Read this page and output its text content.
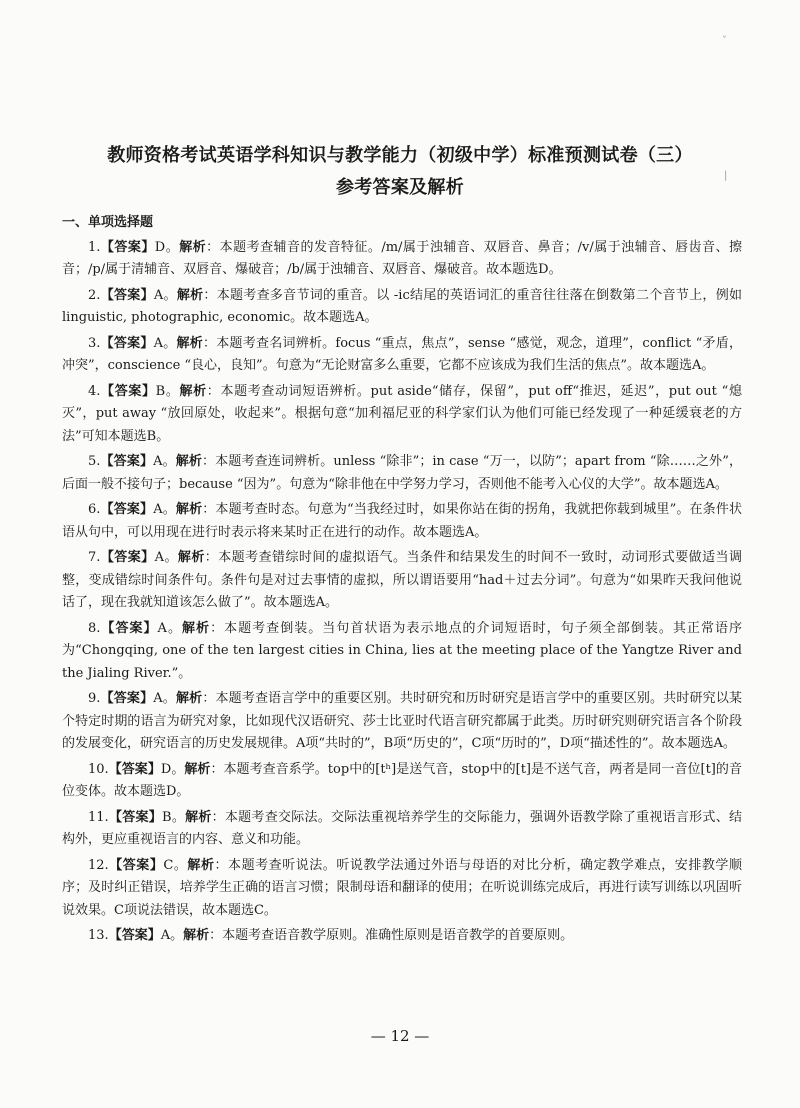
ˇ
|
教师资格考试英语学科知识与教学能力（初级中学）标准预测试卷（三）
参考答案及解析
一、单项选择题

1.【答案】D。解析：本题考查辅音的发音特征。/m/属于浊辅音、双唇音、鼻音；/v/属于浊辅音、唇齿音、擦音；/p/属于清辅音、双唇音、爆破音；/b/属于浊辅音、双唇音、爆破音。故本题选D。

2.【答案】A。解析：本题考查多音节词的重音。以 -ic结尾的英语词汇的重音往往落在倒数第二个音节上，例如linguistic, photographic, economic。故本题选A。

3.【答案】A。解析：本题考查名词辨析。focus “重点，焦点”，sense “感觉，观念，道理”，conflict “矛盾，冲突”，conscience “良心，良知”。句意为“无论财富多么重要，它都不应该成为我们生活的焦点”。故本题选A。

4.【答案】B。解析：本题考查动词短语辨析。put aside“储存，保留”，put off“推迟，延迟”，put out “熄灭”，put away “放回原处，收起来”。根据句意“加利福尼亚的科学家们认为他们可能已经发现了一种延缓衰老的方法”可知本题选B。

5.【答案】A。解析：本题考查连词辨析。unless “除非”；in case “万一，以防”；apart from “除……之外”，后面一般不接句子；because “因为”。句意为“除非他在中学努力学习，否则他不能考入心仪的大学”。故本题选A。

6.【答案】A。解析：本题考查时态。句意为“当我经过时，如果你站在街的拐角，我就把你载到城里”。在条件状语从句中，可以用现在进行时表示将来某时正在进行的动作。故本题选A。

7.【答案】A。解析：本题考查错综时间的虚拟语气。当条件和结果发生的时间不一致时，动词形式要做适当调整，变成错综时间条件句。条件句是对过去事情的虚拟，所以谓语要用“had＋过去分词”。句意为“如果昨天我问他说话了，现在我就知道该怎么做了”。故本题选A。

8.【答案】A。解析：本题考查倒装。当句首状语为表示地点的介词短语时，句子须全部倒装。其正常语序为“Chongqing, one of the ten largest cities in China, lies at the meeting place of the Yangtze River and the Jialing River.”。

9.【答案】A。解析：本题考查语言学中的重要区别。共时研究和历时研究是语言学中的重要区别。共时研究以某个特定时期的语言为研究对象，比如现代汉语研究、莎士比亚时代语言研究都属于此类。历时研究则研究语言各个阶段的发展变化，研究语言的历史发展规律。A项“共时的”，B项“历史的”，C项“历时的”，D项“描述性的”。故本题选A。

10.【答案】D。解析：本题考查音系学。top中的[tʰ]是送气音，stop中的[t]是不送气音，两者是同一音位[t]的音位变体。故本题选D。

11.【答案】B。解析：本题考查交际法。交际法重视培养学生的交际能力，强调外语教学除了重视语言形式、结构外，更应重视语言的内容、意义和功能。

12.【答案】C。解析：本题考查听说法。听说教学法通过外语与母语的对比分析，确定教学难点，安排教学顺序；及时纠正错误，培养学生正确的语言习惯；限制母语和翻译的使用；在听说训练完成后，再进行读写训练以巩固听说效果。C项说法错误，故本题选C。

13.【答案】A。解析：本题考查语音教学原则。准确性原则是语音教学的首要原则。

— 12 —
